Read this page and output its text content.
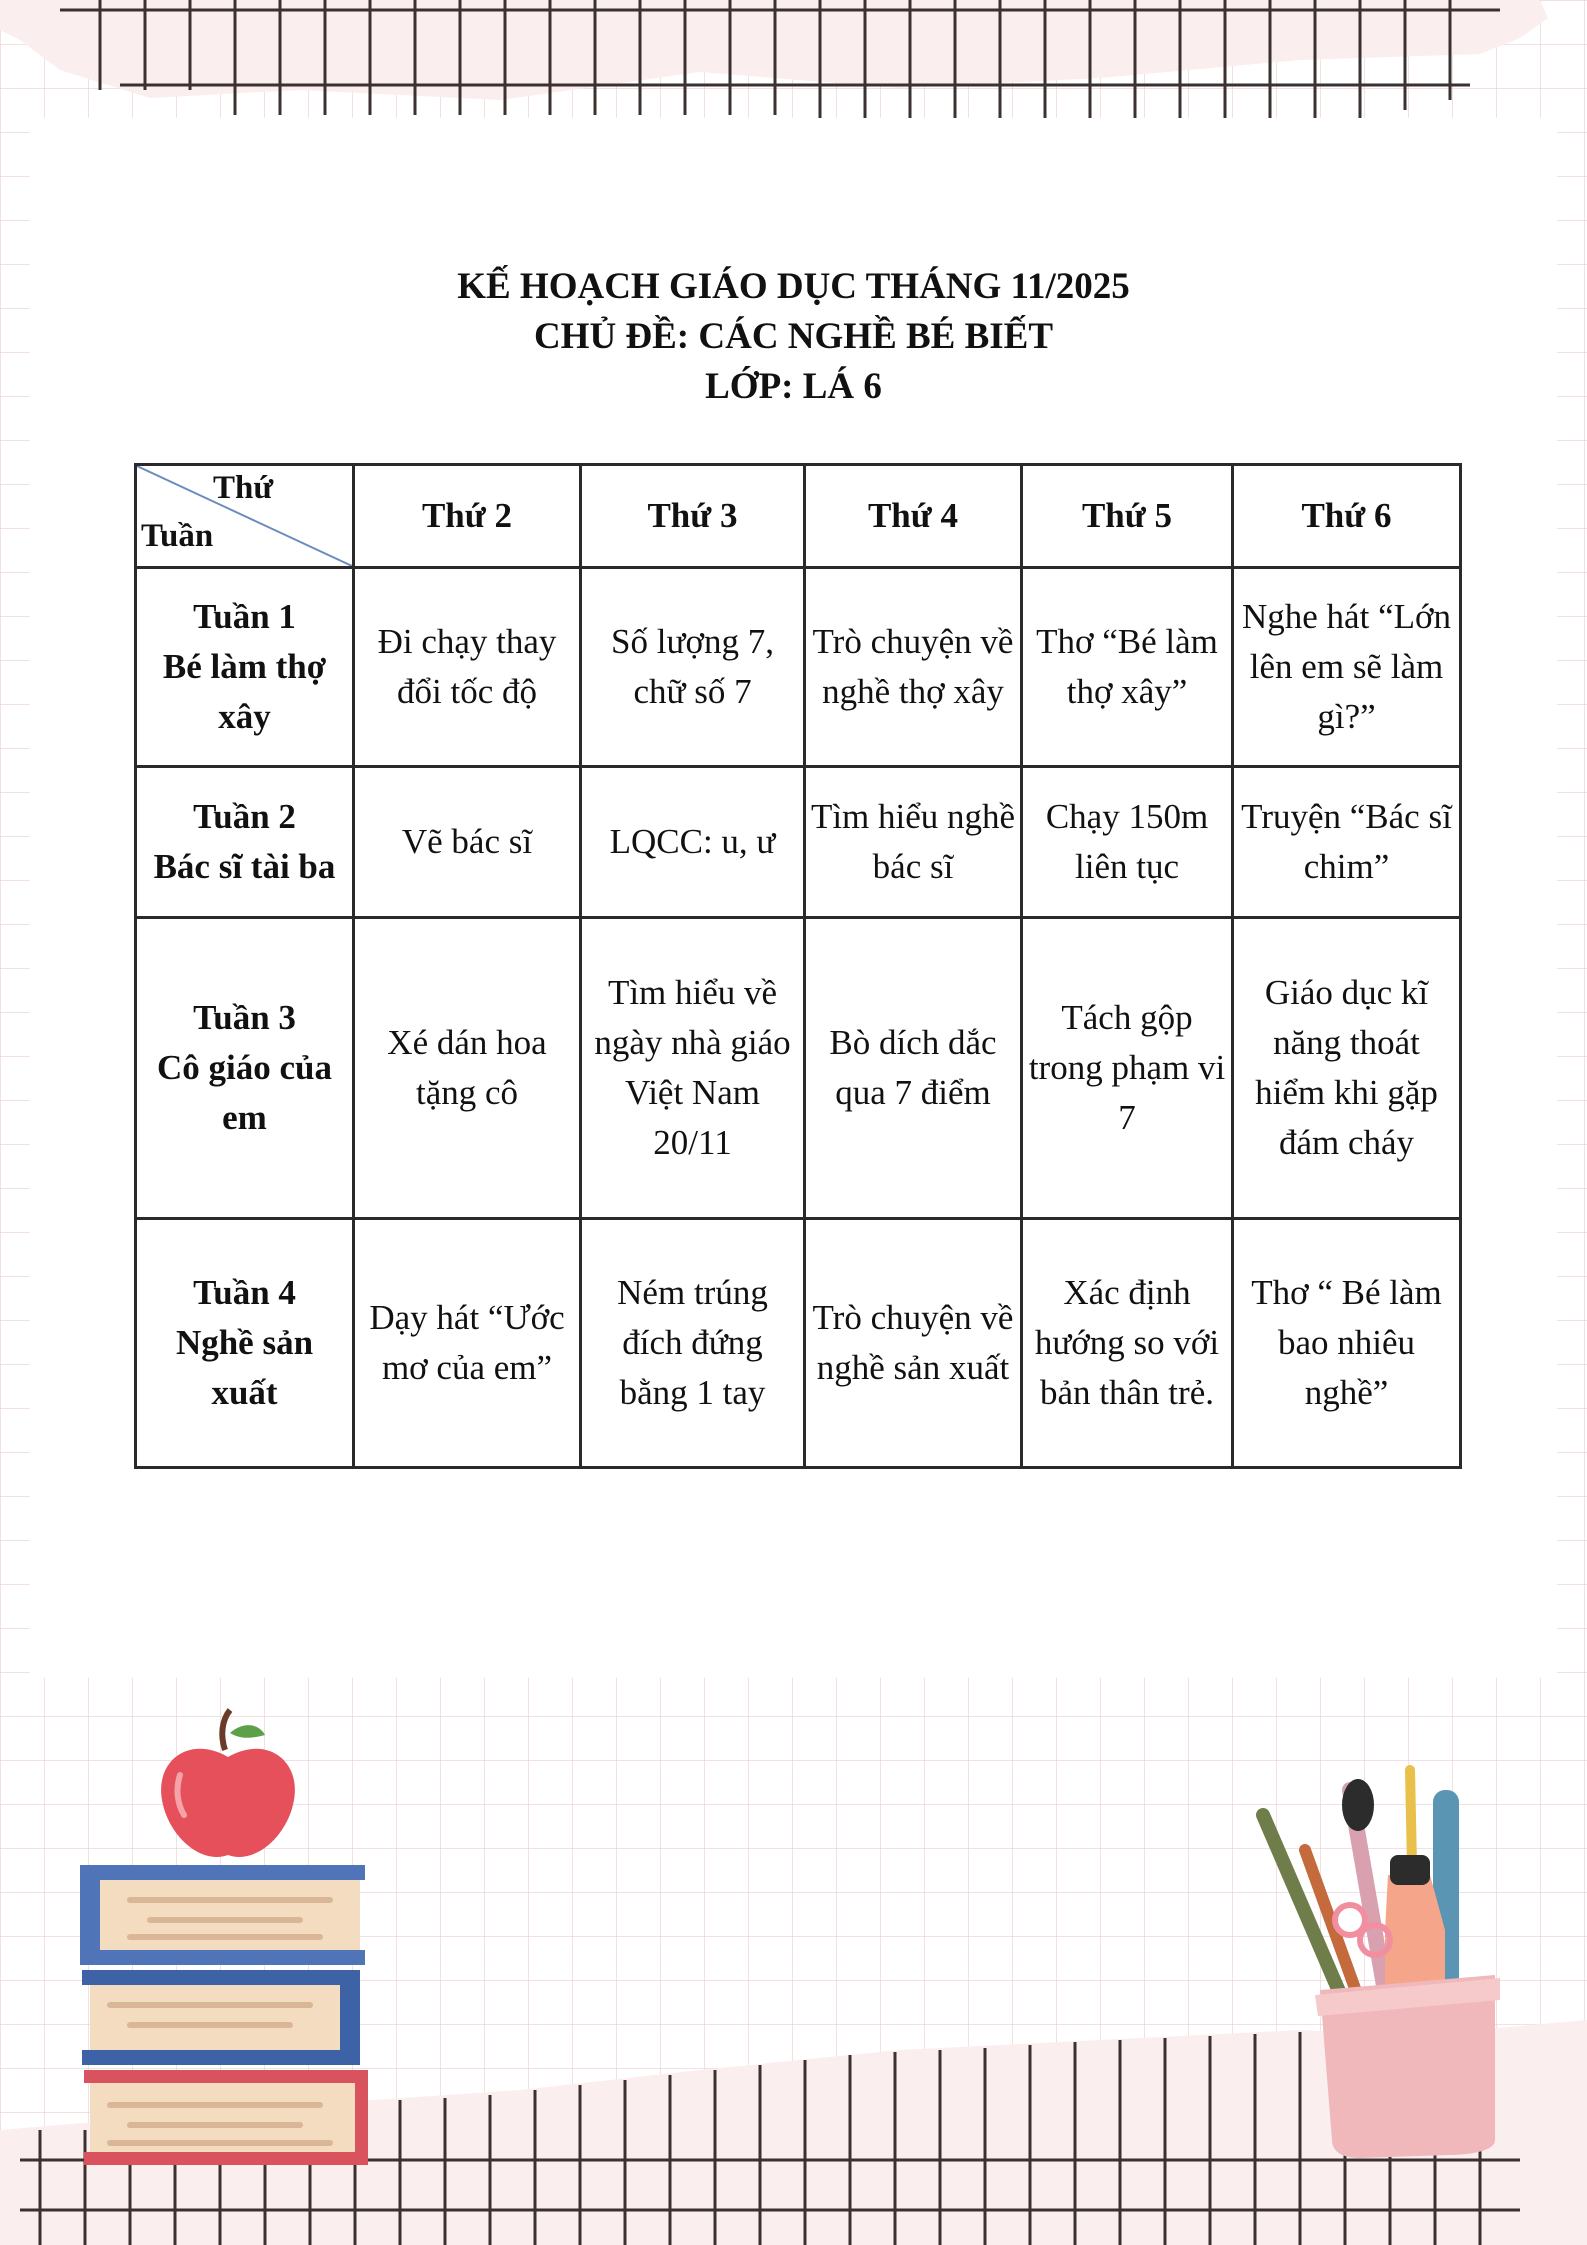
KẾ HOẠCH GIÁO DỤC THÁNG 11/2025
CHỦ ĐỀ: CÁC NGHỀ BÉ BIẾT
LỚP: LÁ 6
Thứ
Tuần	Thứ 2	Thứ 3	Thứ 4	Thứ 5	Thứ 6

Tuần 1
Bé làm thợ xây	Đi chạy thay đổi tốc độ	Số lượng 7, chữ số 7	Trò chuyện về nghề thợ xây	Thơ “Bé làm thợ xây”	Nghe hát “Lớn lên em sẽ làm gì?”

Tuần 2
Bác sĩ tài ba	Vẽ bác sĩ	LQCC: u, ư	Tìm hiểu nghề bác sĩ	Chạy 150m liên tục	Truyện “Bác sĩ chim”

Tuần 3
Cô giáo của em	Xé dán hoa tặng cô	Tìm hiểu về ngày nhà giáo Việt Nam 20/11	Bò dích dắc qua 7 điểm	Tách gộp trong phạm vi 7	Giáo dục kĩ năng thoát hiểm khi gặp đám cháy

Tuần 4
Nghề sản xuất	Dạy hát “Ước mơ của em”	Ném trúng đích đứng bằng 1 tay	Trò chuyện về nghề sản xuất	Xác định hướng so với bản thân trẻ.	Thơ “ Bé làm bao nhiêu nghề”
